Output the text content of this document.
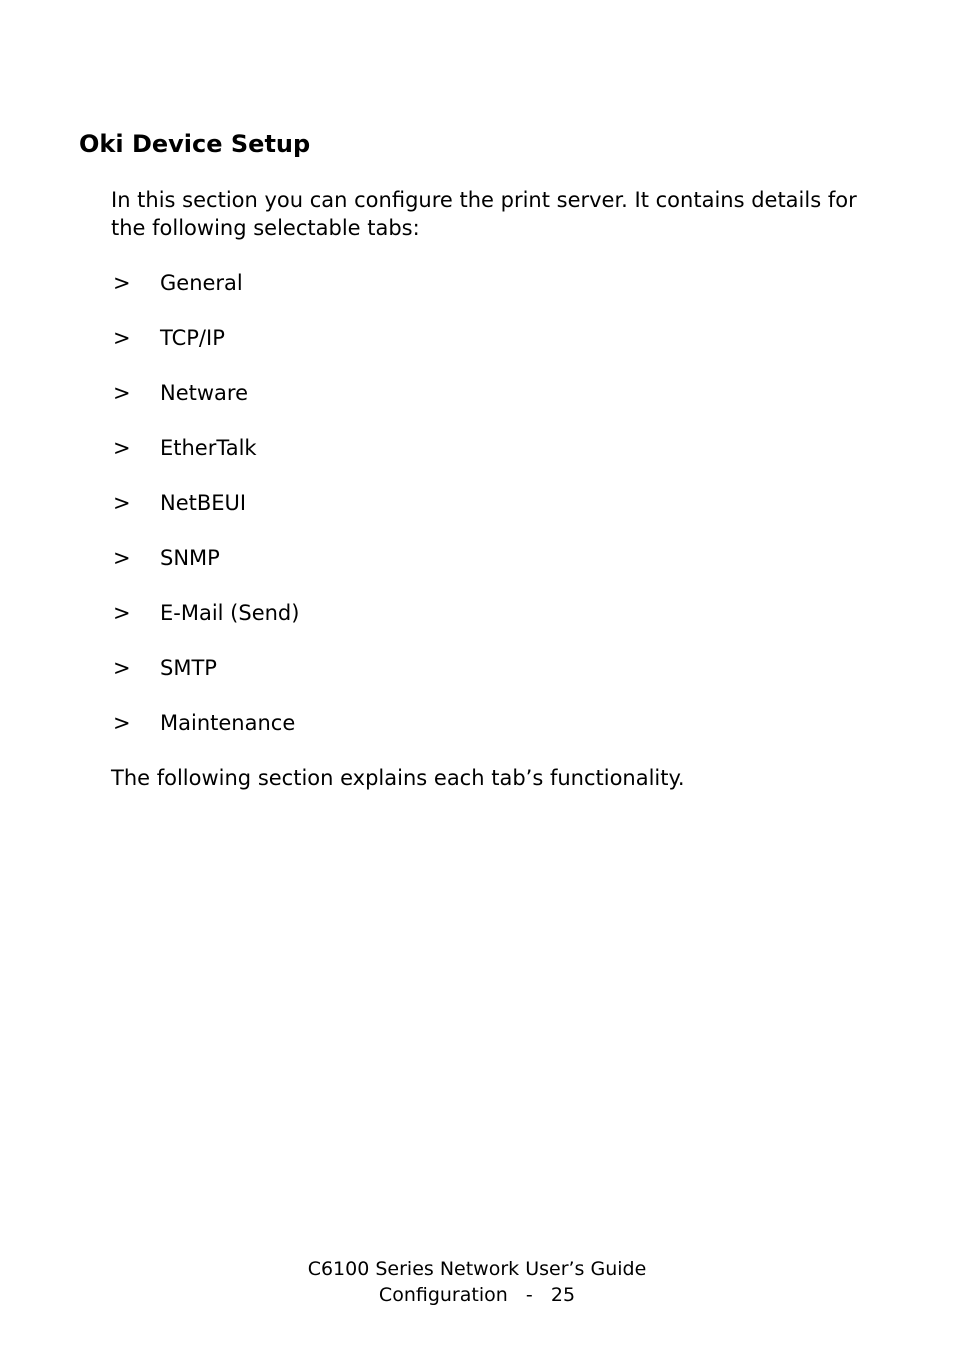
Oki Device Setup

In this section you can configure the print server. It contains details for the following selectable tabs:

> General
> TCP/IP
> Netware
> EtherTalk
> NetBEUI
> SNMP
> E-Mail (Send)
> SMTP
> Maintenance

The following section explains each tab’s functionality.

C6100 Series Network User’s Guide
Configuration - 25
